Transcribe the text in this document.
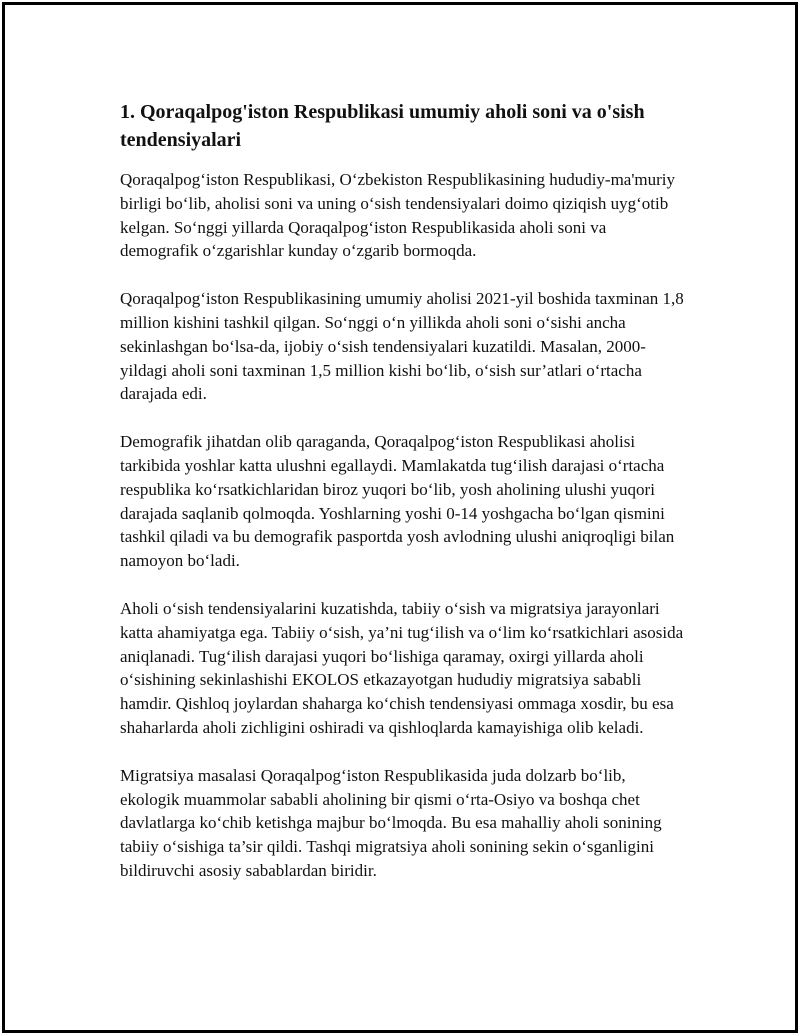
1. Qoraqalpog'iston Respublikasi umumiy aholi soni va o'sish tendensiyalari

Qoraqalpog‘iston Respublikasi, O‘zbekiston Respublikasining hududiy-ma'muriy birligi bo‘lib, aholisi soni va uning o‘sish tendensiyalari doimo qiziqish uyg‘otib kelgan. So‘nggi yillarda Qoraqalpog‘iston Respublikasida aholi soni va demografik o‘zgarishlar kunday o‘zgarib bormoqda.

Qoraqalpog‘iston Respublikasining umumiy aholisi 2021-yil boshida taxminan 1,8 million kishini tashkil qilgan. So‘nggi o‘n yillikda aholi soni o‘sishi ancha sekinlashgan bo‘lsa-da, ijobiy o‘sish tendensiyalari kuzatildi. Masalan, 2000-yildagi aholi soni taxminan 1,5 million kishi bo‘lib, o‘sish sur’atlari o‘rtacha darajada edi.

Demografik jihatdan olib qaraganda, Qoraqalpog‘iston Respublikasi aholisi tarkibida yoshlar katta ulushni egallaydi. Mamlakatda tug‘ilish darajasi o‘rtacha respublika ko‘rsatkichlaridan biroz yuqori bo‘lib, yosh aholining ulushi yuqori darajada saqlanib qolmoqda. Yoshlarning yoshi 0-14 yoshgacha bo‘lgan qismini tashkil qiladi va bu demografik pasportda yosh avlodning ulushi aniqroqligi bilan namoyon bo‘ladi.

Aholi o‘sish tendensiyalarini kuzatishda, tabiiy o‘sish va migratsiya jarayonlari katta ahamiyatga ega. Tabiiy o‘sish, ya’ni tug‘ilish va o‘lim ko‘rsatkichlari asosida aniqlanadi. Tug‘ilish darajasi yuqori bo‘lishiga qaramay, oxirgi yillarda aholi o‘sishining sekinlashishi EKOLOS etkazayotgan hududiy migratsiya sababli hamdir. Qishloq joylardan shaharga ko‘chish tendensiyasi ommaga xosdir, bu esa shaharlarda aholi zichligini oshiradi va qishloqlarda kamayishiga olib keladi.

Migratsiya masalasi Qoraqalpog‘iston Respublikasida juda dolzarb bo‘lib, ekologik muammolar sababli aholining bir qismi o‘rta-Osiyo va boshqa chet davlatlarga ko‘chib ketishga majbur bo‘lmoqda. Bu esa mahalliy aholi sonining tabiiy o‘sishiga ta’sir qildi. Tashqi migratsiya aholi sonining sekin o‘sganligini bildiruvchi asosiy sabablardan biridir.
